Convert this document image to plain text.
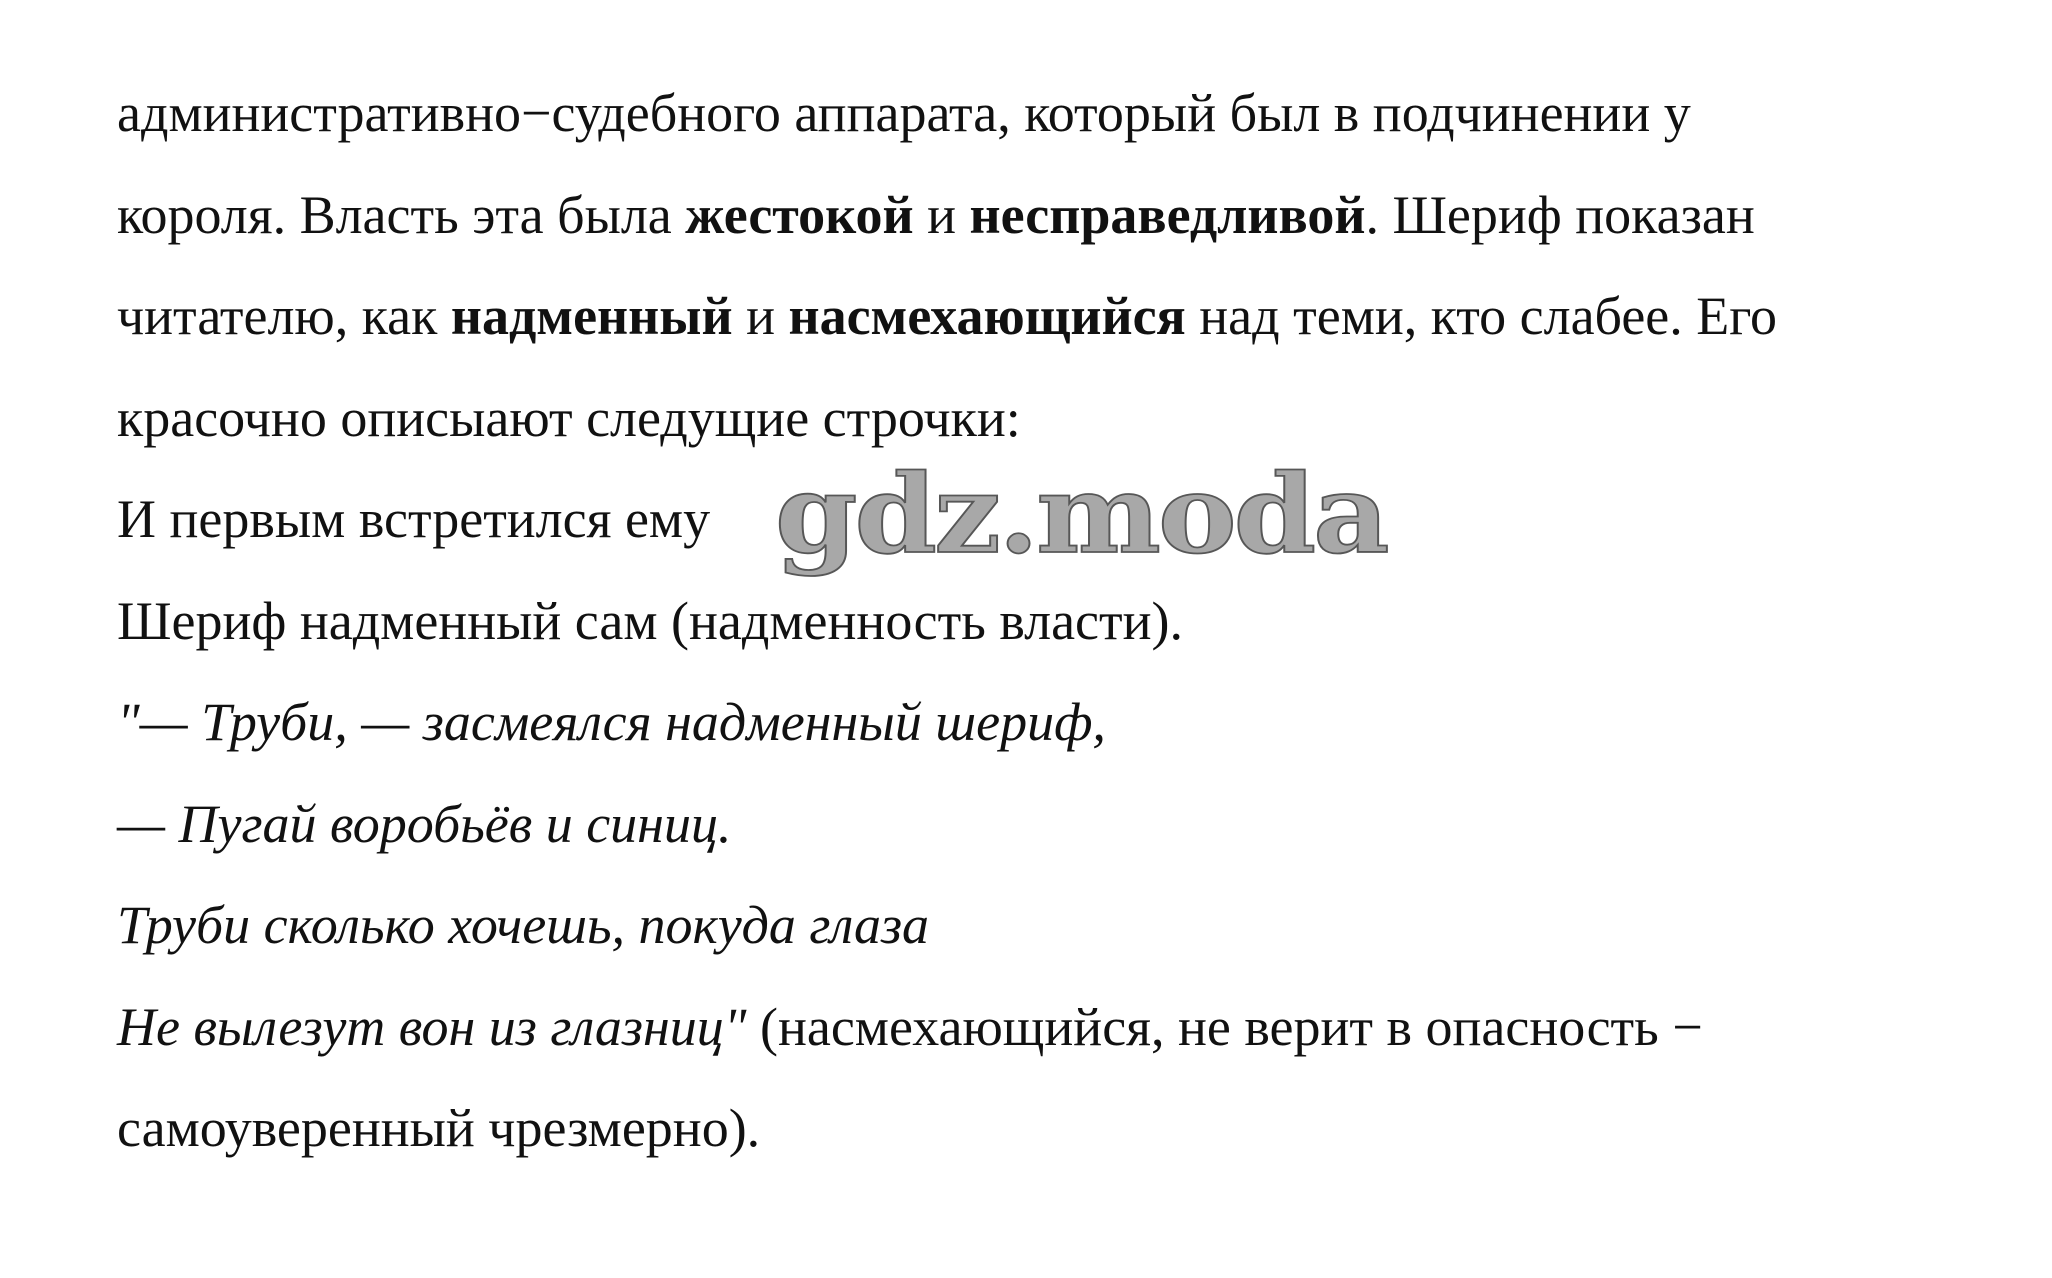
административно−судебного аппарата, который был в подчинении у
короля. Власть эта была жестокой и несправедливой. Шериф показан
читателю, как надменный и насмехающийся над теми, кто слабее. Его
красочно описыают следущие строчки:
И первым встретился ему
Шериф надменный сам (надменность власти).
"— Труби, — засмеялся надменный шериф,
— Пугай воробьёв и синиц.
Труби сколько хочешь, покуда глаза
Не вылезут вон из глазниц" (насмехающийся, не верит в опасность −
самоуверенный чрезмерно).
gdz.moda
